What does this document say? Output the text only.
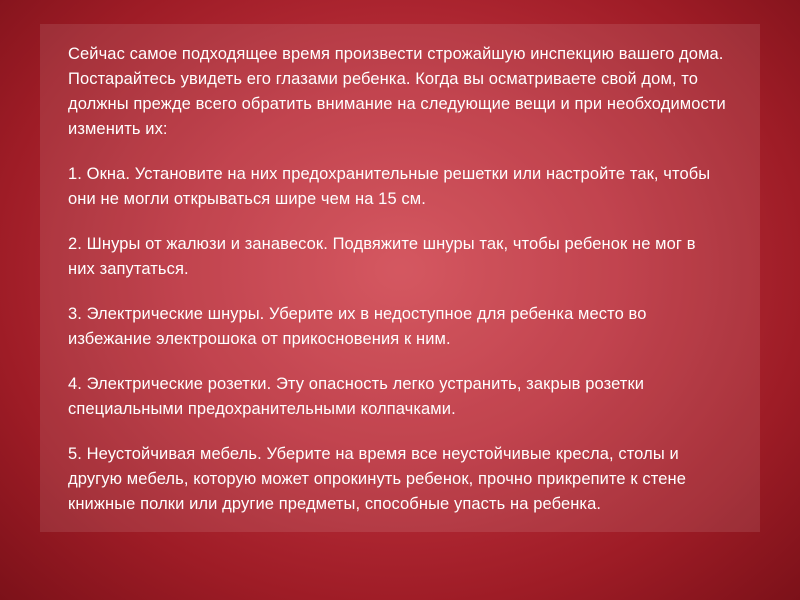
Сейчас самое подходящее время произвести строжайшую инспекцию вашего дома. Постарайтесь увидеть его глазами ребенка. Когда вы осматриваете свой дом, то должны прежде всего обратить внимание на следующие вещи и при необходимости изменить их:

1. Окна. Установите на них предохранительные решетки или настройте так, чтобы они не могли открываться шире чем на 15 см.

2. Шнуры от жалюзи и занавесок. Подвяжите шнуры так, чтобы ребенок не мог в них запутаться.

3. Электрические шнуры. Уберите их в недоступное для ребенка место во избежание электрошока от прикосновения к ним.

4. Электрические розетки. Эту опасность легко устранить, закрыв розетки специальными предохранительными колпачками.

5. Неустойчивая мебель. Уберите на время все неустойчивые кресла, столы и другую мебель, которую может опрокинуть ребенок, прочно прикрепите к стене книжные полки или другие предметы, способные упасть на ребенка.
